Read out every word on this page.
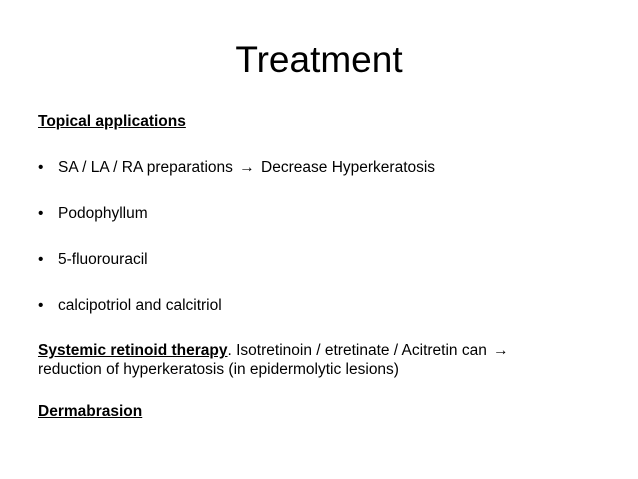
Treatment
Topical applications
• SA / LA / RA preparations → Decrease Hyperkeratosis
• Podophyllum
• 5-fluorouracil
• calcipotriol and calcitriol
Systemic retinoid therapy. Isotretinoin / etretinate / Acitretin can →
reduction of hyperkeratosis (in epidermolytic lesions)
Dermabrasion
